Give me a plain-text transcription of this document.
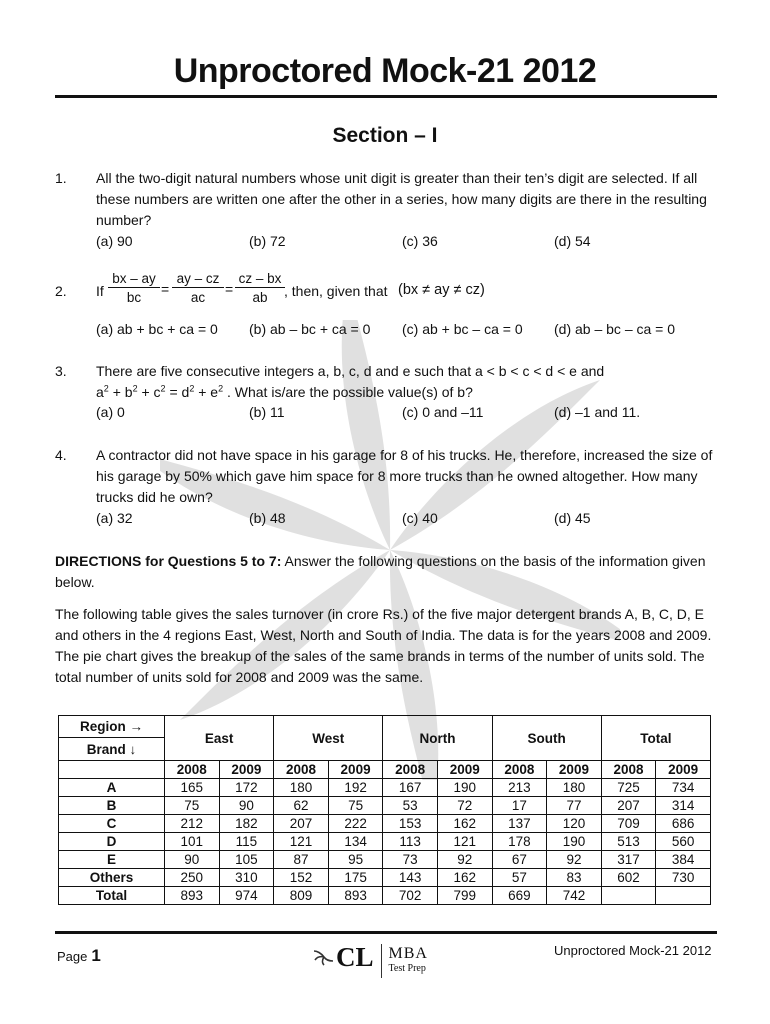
Unproctored Mock-21 2012
Section – I
1. All the two-digit natural numbers whose unit digit is greater than their ten’s digit are selected. If all
these numbers are written one after the other in a series, how many digits are there in the resulting
number?
(a) 90	(b) 72	(c) 36	(d) 54
2. If $\frac{bx - ay}{bc} = \frac{ay - cz}{ac} = \frac{cz - bx}{ab}$ , then, given that (bx ≠ ay ≠ cz)
(a) ab + bc + ca = 0 (b) ab – bc + ca = 0 (c) ab + bc – ca = 0 (d) ab – bc – ca = 0
3. There are five consecutive integers a, b, c, d and e such that a < b < c < d < e and
$a^2 + b^2 + c^2 = d^2 + e^2$ . What is/are the possible value(s) of b?
(a) 0	(b) 11	(c) 0 and –11	(d) –1 and 11.
4. A contractor did not have space in his garage for 8 of his trucks. He, therefore, increased the size of
his garage by 50% which gave him space for 8 more trucks than he owned altogether. How many
trucks did he own?
(a) 32	(b) 48	(c) 40	(d) 45
DIRECTIONS for Questions 5 to 7: Answer the following questions on the basis of the information given
below.
The following table gives the sales turnover (in crore Rs.) of the five major detergent brands A, B, C, D, E
and others in the 4 regions East, West, North and South of India. The data is for the years 2008 and 2009.
The pie chart gives the breakup of the sales of the same brands in terms of the number of units sold. The
total number of units sold for 2008 and 2009 was the same.
Region →	East		West		North		South		Total	
Brand ↓										
	2008	2009	2008	2009	2008	2009	2008	2009	2008	2009
A	165	172	180	192	167	190	213	180	725	734
B	75	90	62	75	53	72	17	77	207	314
C	212	182	207	222	153	162	137	120	709	686
D	101	115	121	134	113	121	178	190	513	560
E	90	105	87	95	73	92	67	92	317	384
Others	250	310	152	175	143	162	57	83	602	730
Total	893	974	809	893	702	799	669	742		
Page 1	CL MBA
Test Prep
Unproctored Mock-21 2012
